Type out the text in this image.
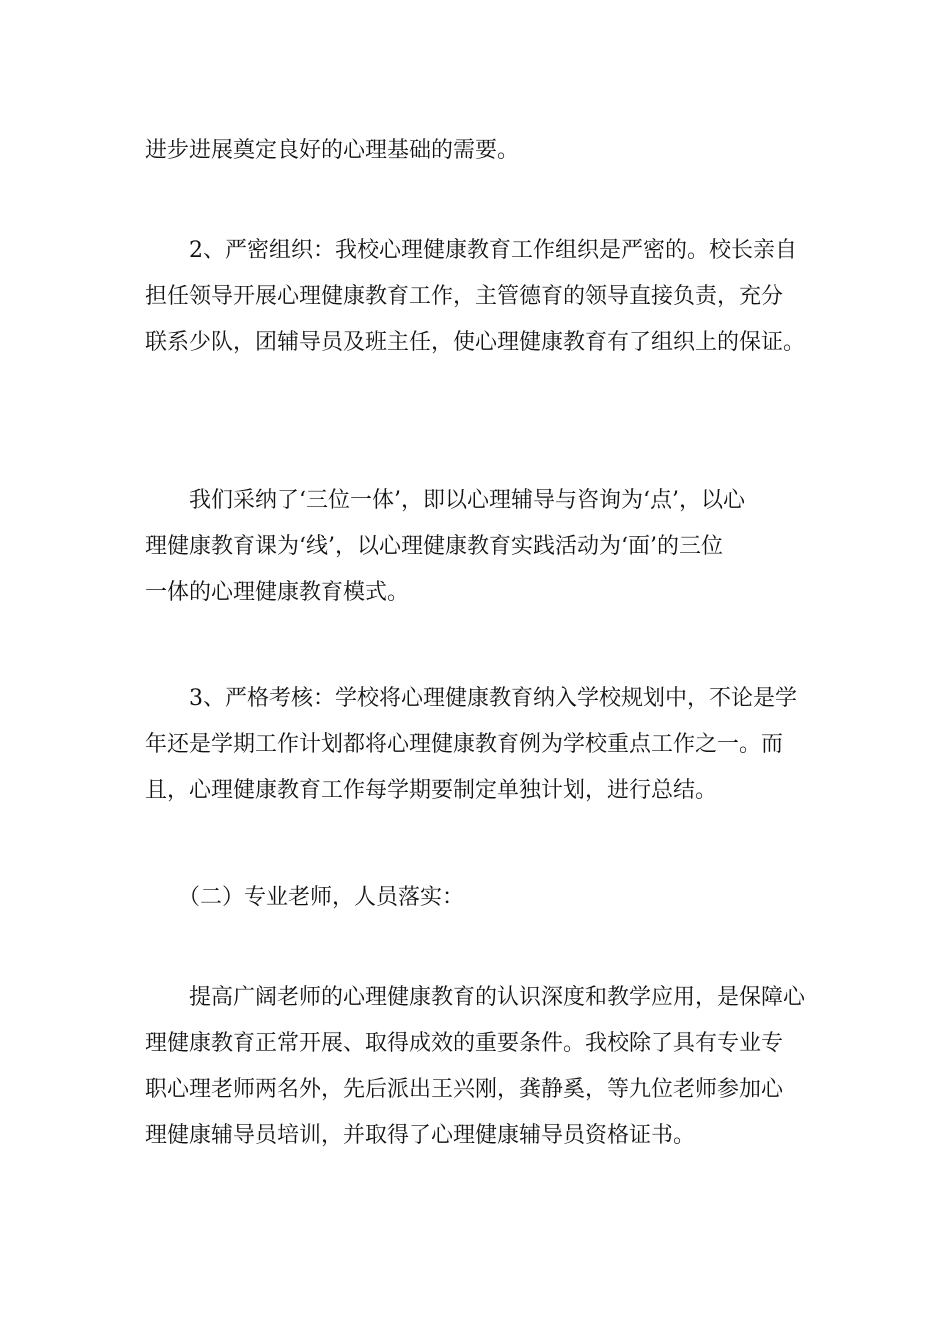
进步进展奠定良好的心理基础的需要。

　　2、严密组织：我校心理健康教育工作组织是严密的。校长亲自
担任领导开展心理健康教育工作，主管德育的领导直接负责，充分
联系少队，团辅导员及班主任，使心理健康教育有了组织上的保证。

　　我们采纳了‘三位一体’，即以心理辅导与咨询为‘点’，以心
理健康教育课为‘线’，以心理健康教育实践活动为‘面’的三位
一体的心理健康教育模式。

　　3、严格考核：学校将心理健康教育纳入学校规划中，不论是学
年还是学期工作计划都将心理健康教育例为学校重点工作之一。而
且，心理健康教育工作每学期要制定单独计划，进行总结。

　　（二）专业老师，人员落实：

　　提高广阔老师的心理健康教育的认识深度和教学应用，是保障心
理健康教育正常开展、取得成效的重要条件。我校除了具有专业专
职心理老师两名外，先后派出王兴刚，龚静奚，等九位老师参加心
理健康辅导员培训，并取得了心理健康辅导员资格证书。
